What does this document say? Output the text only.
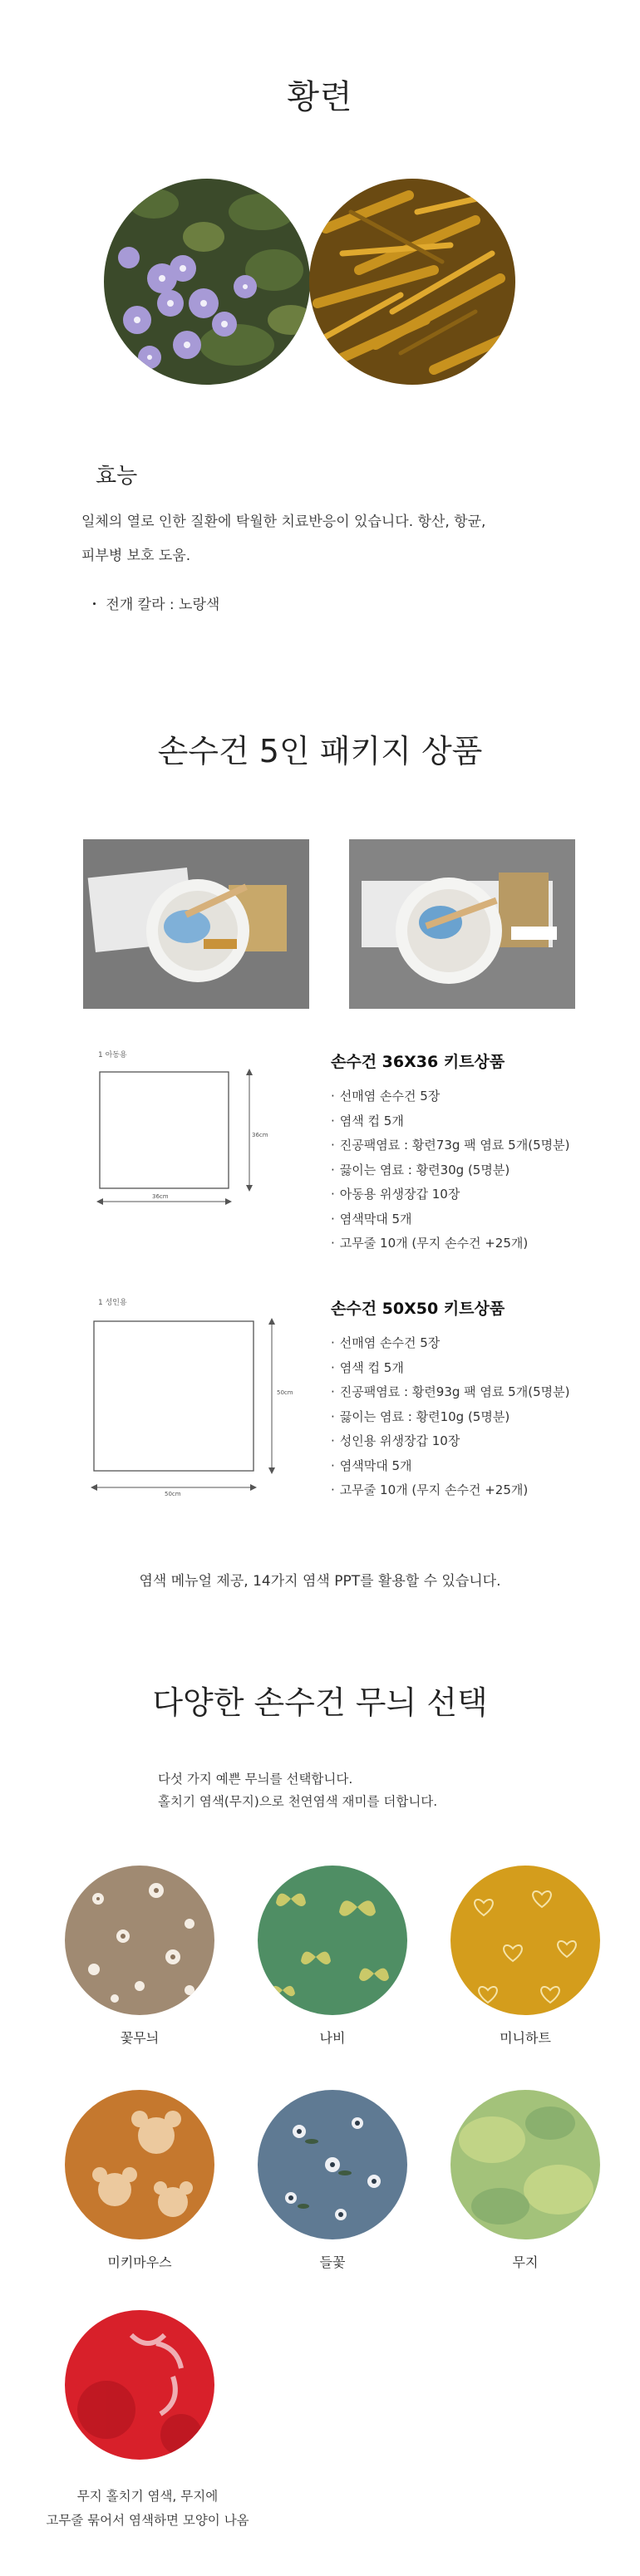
황련
효능
일체의 열로 인한 질환에 탁월한 치료반응이 있습니다. 항산, 항균,
피부병 보호 도움.
・ 전개 칼라 : 노랑색
손수건 5인 패키지 상품
1 아동용
36cm
36cm
손수건 36X36 키트상품
· 선매염 손수건 5장
· 염색 컵 5개
· 진공팩염료 : 황련73g 팩 염료 5개(5명분)
· 끓이는 염료 : 황련30g (5명분)
· 아동용 위생장갑 10장
· 염색막대 5개
· 고무줄 10개 (무지 손수건 +25개)
1 성인용
50cm
50cm
손수건 50X50 키트상품
· 선매염 손수건 5장
· 염색 컵 5개
· 진공팩염료 : 황련93g 팩 염료 5개(5명분)
· 끓이는 염료 : 황련10g (5명분)
· 성인용 위생장갑 10장
· 염색막대 5개
· 고무줄 10개 (무지 손수건 +25개)
염색 메뉴얼 제공, 14가지 염색 PPT를 활용할 수 있습니다.
다양한 손수건 무늬 선택
다섯 가지 예쁜 무늬를 선택합니다.
홀치기 염색(무지)으로 천연염색 재미를 더합니다.
꽃무늬	나비	미니하트
미키마우스	들꽃	무지
무지 홀치기 염색, 무지에
고무줄 묶어서 염색하면 모양이 나옴
